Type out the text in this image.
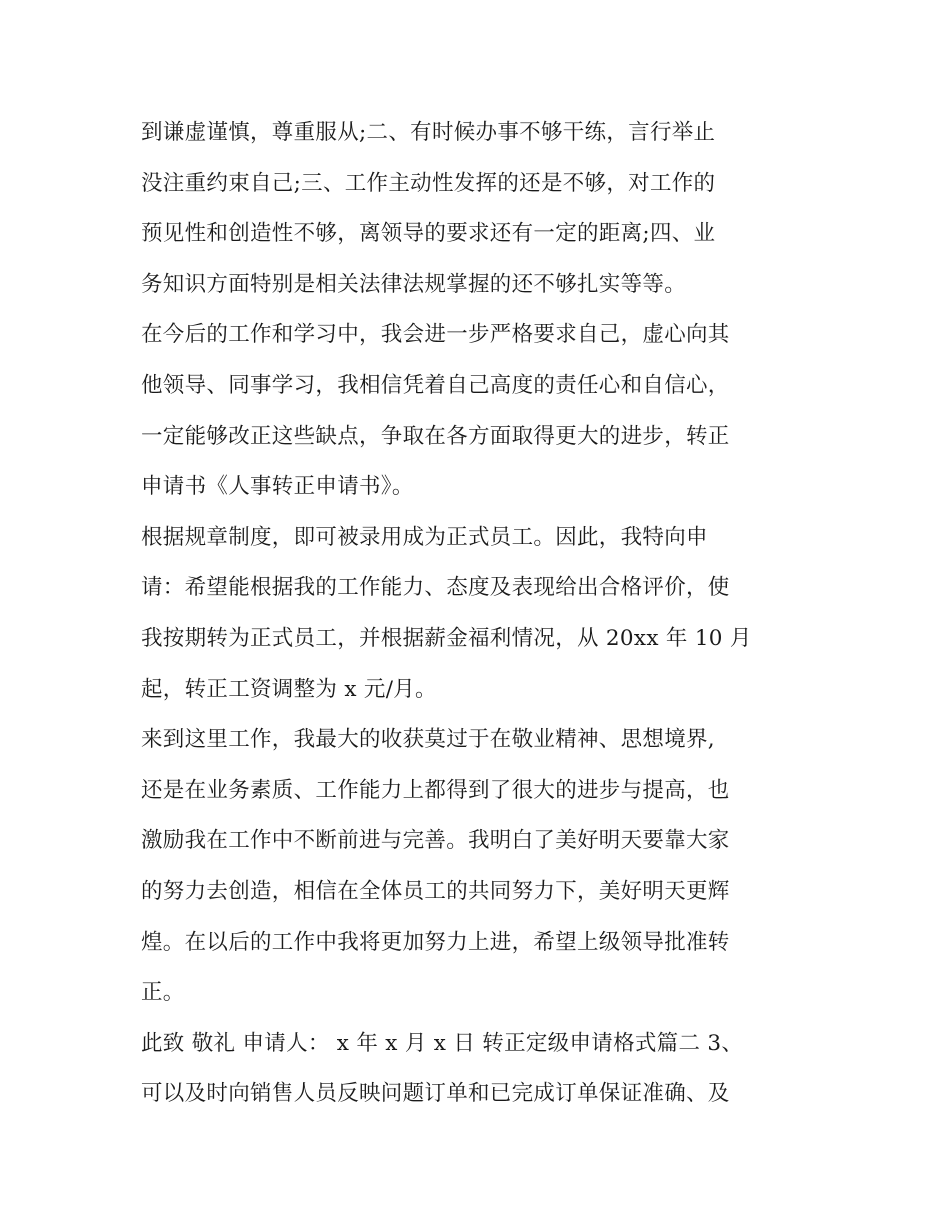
到谦虚谨慎，尊重服从;二、有时候办事不够干练，言行举止
没注重约束自己;三、工作主动性发挥的还是不够，对工作的
预见性和创造性不够，离领导的要求还有一定的距离;四、业
务知识方面特别是相关法律法规掌握的还不够扎实等等。
在今后的工作和学习中，我会进一步严格要求自己，虚心向其
他领导、同事学习，我相信凭着自己高度的责任心和自信心，
一定能够改正这些缺点，争取在各方面取得更大的进步，转正
申请书《人事转正申请书》。
根据规章制度，即可被录用成为正式员工。因此，我特向申
请：希望能根据我的工作能力、态度及表现给出合格评价，使
我按期转为正式员工，并根据薪金福利情况，从 20xx 年 10 月
起，转正工资调整为 x 元/月。
来到这里工作，我最大的收获莫过于在敬业精神、思想境界,
还是在业务素质、工作能力上都得到了很大的进步与提高，也
激励我在工作中不断前进与完善。我明白了美好明天要靠大家
的努力去创造，相信在全体员工的共同努力下，美好明天更辉
煌。在以后的工作中我将更加努力上进，希望上级领导批准转
正。
此致 敬礼 申请人： x 年 x 月 x 日 转正定级申请格式篇二 3、
可以及时向销售人员反映问题订单和已完成订单保证准确、及
